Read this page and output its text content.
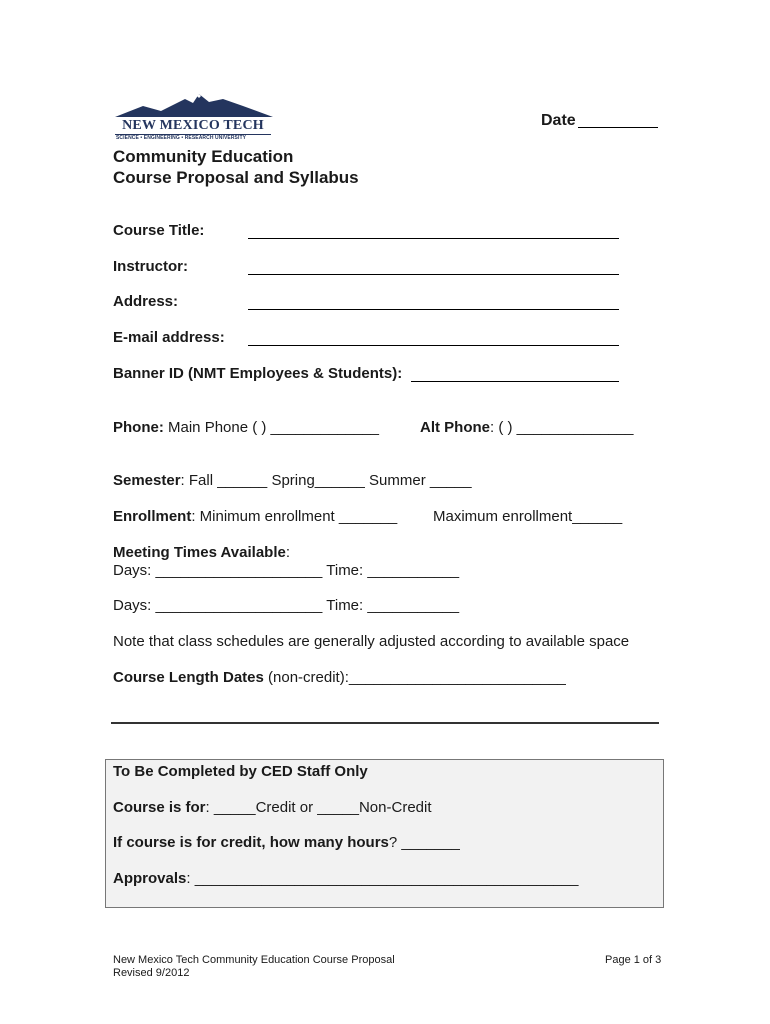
NEW MEXICO TECH
SCIENCE • ENGINEERING • RESEARCH UNIVERSITY
Date
Community Education
Course Proposal and Syllabus
Course Title:
Instructor:
Address:
E-mail address:
Banner ID (NMT Employees & Students):
Phone: Main Phone ( ) _____________	Alt Phone: ( ) ______________
Semester: Fall ______ Spring______ Summer _____
Enrollment: Minimum enrollment _______ Maximum enrollment______
Meeting Times Available:
Days: ____________________ Time: ___________
Days: ____________________ Time: ___________
Note that class schedules are generally adjusted according to available space
Course Length Dates (non-credit):__________________________
To Be Completed by CED Staff Only
Course is for: _____Credit or _____Non-Credit
If course is for credit, how many hours? _______
Approvals: ______________________________________________
New Mexico Tech Community Education Course Proposal
Revised 9/2012
Page 1 of 3
